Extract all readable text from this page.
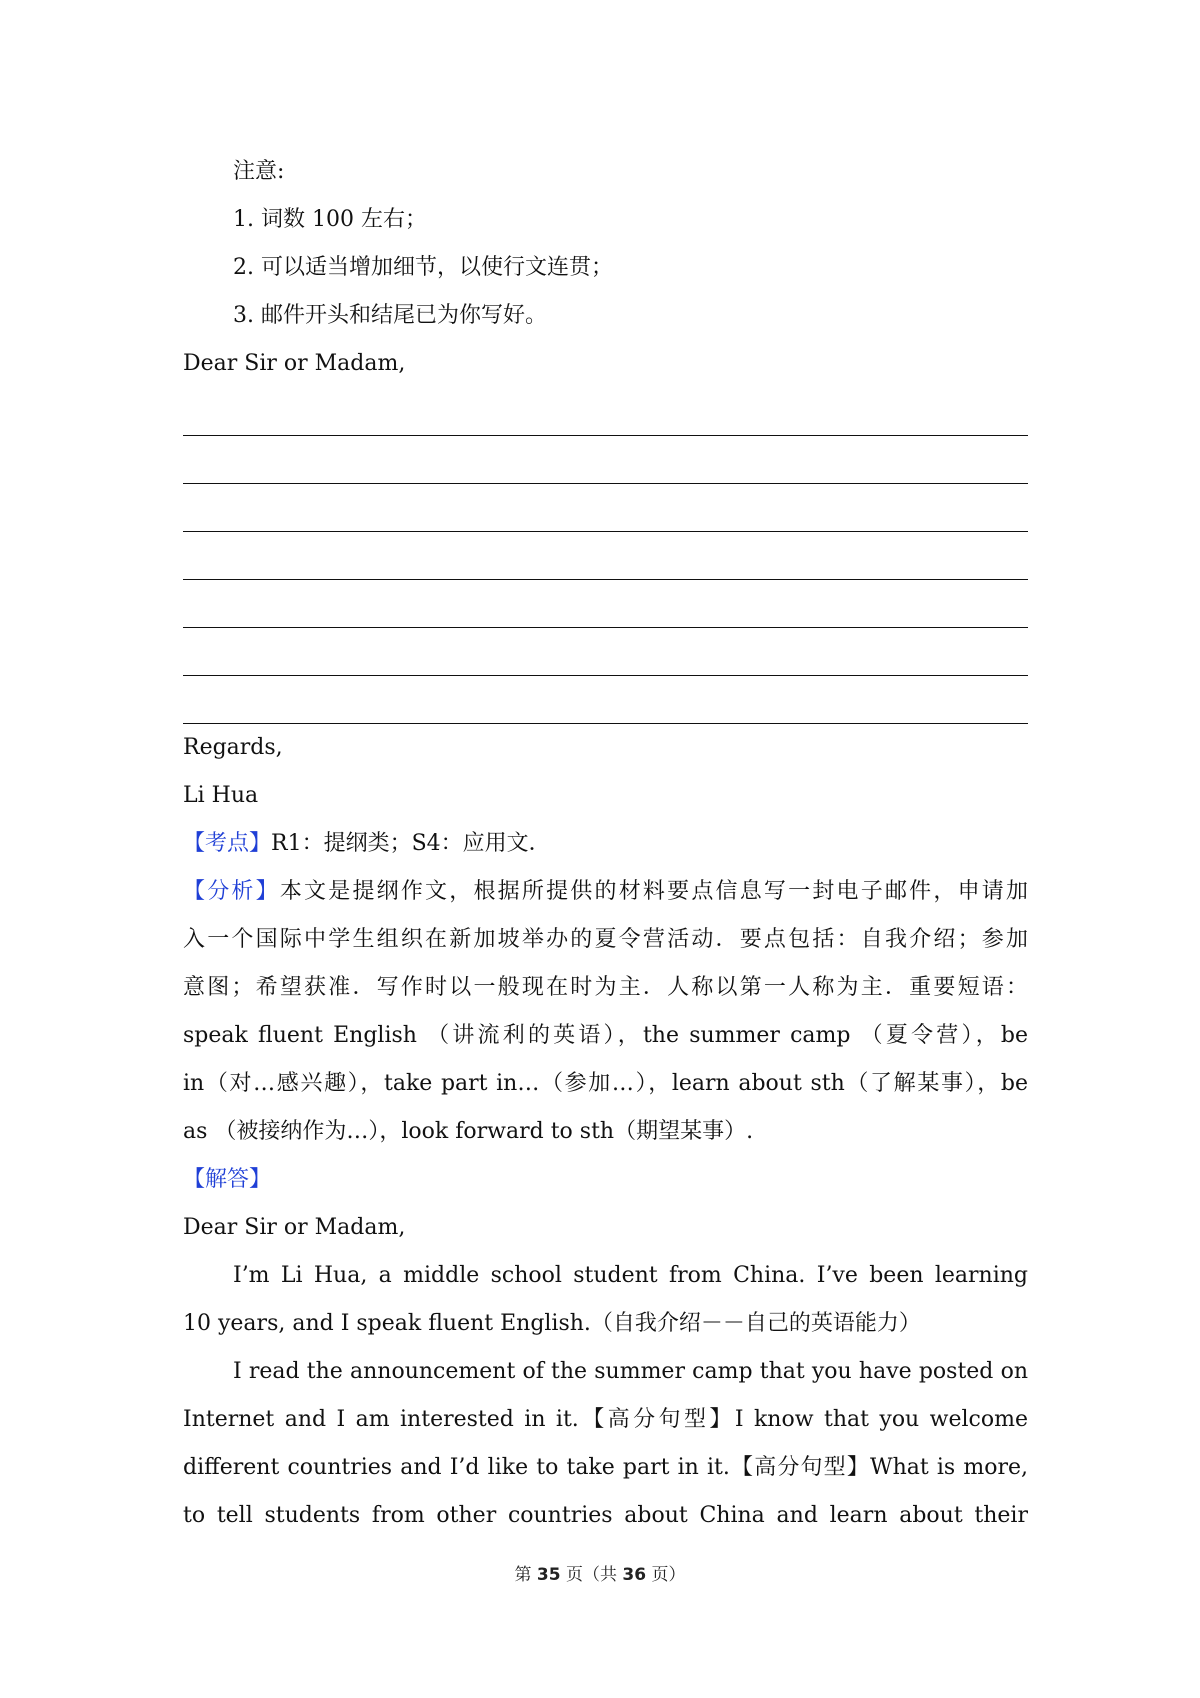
注意:
1. 词数 100 左右；
2. 可以适当增加细节，以使行文连贯；
3. 邮件开头和结尾已为你写好。
Dear Sir or Madam,
Regards,
Li Hua
【考点】R1：提纲类；S4：应用文．
【分析】本文是提纲作文，根据所提供的材料要点信息写一封电子邮件，申请加
入一个国际中学生组织在新加坡举办的夏令营活动．要点包括：自我介绍；参加
意图；希望获准．写作时以一般现在时为主．人称以第一人称为主．重要短语：
speak fluent English （讲流利的英语），the summer camp （夏令营），be
in（对…感兴趣），take part in…（参加…），learn about sth（了解某事），be
as （被接纳作为…），look forward to sth（期望某事）.
【解答】
Dear Sir or Madam,
I’m Li Hua, a middle school student from China. I’ve been learning
10 years, and I speak fluent English.（自我介绍－－自己的英语能力）
I read the announcement of the summer camp that you have posted on
Internet and I am interested in it.【高分句型】I know that you welcome
different countries and I’d like to take part in it.【高分句型】What is more,
to tell students from other countries about China and learn about their
第 35 页（共 36 页）
